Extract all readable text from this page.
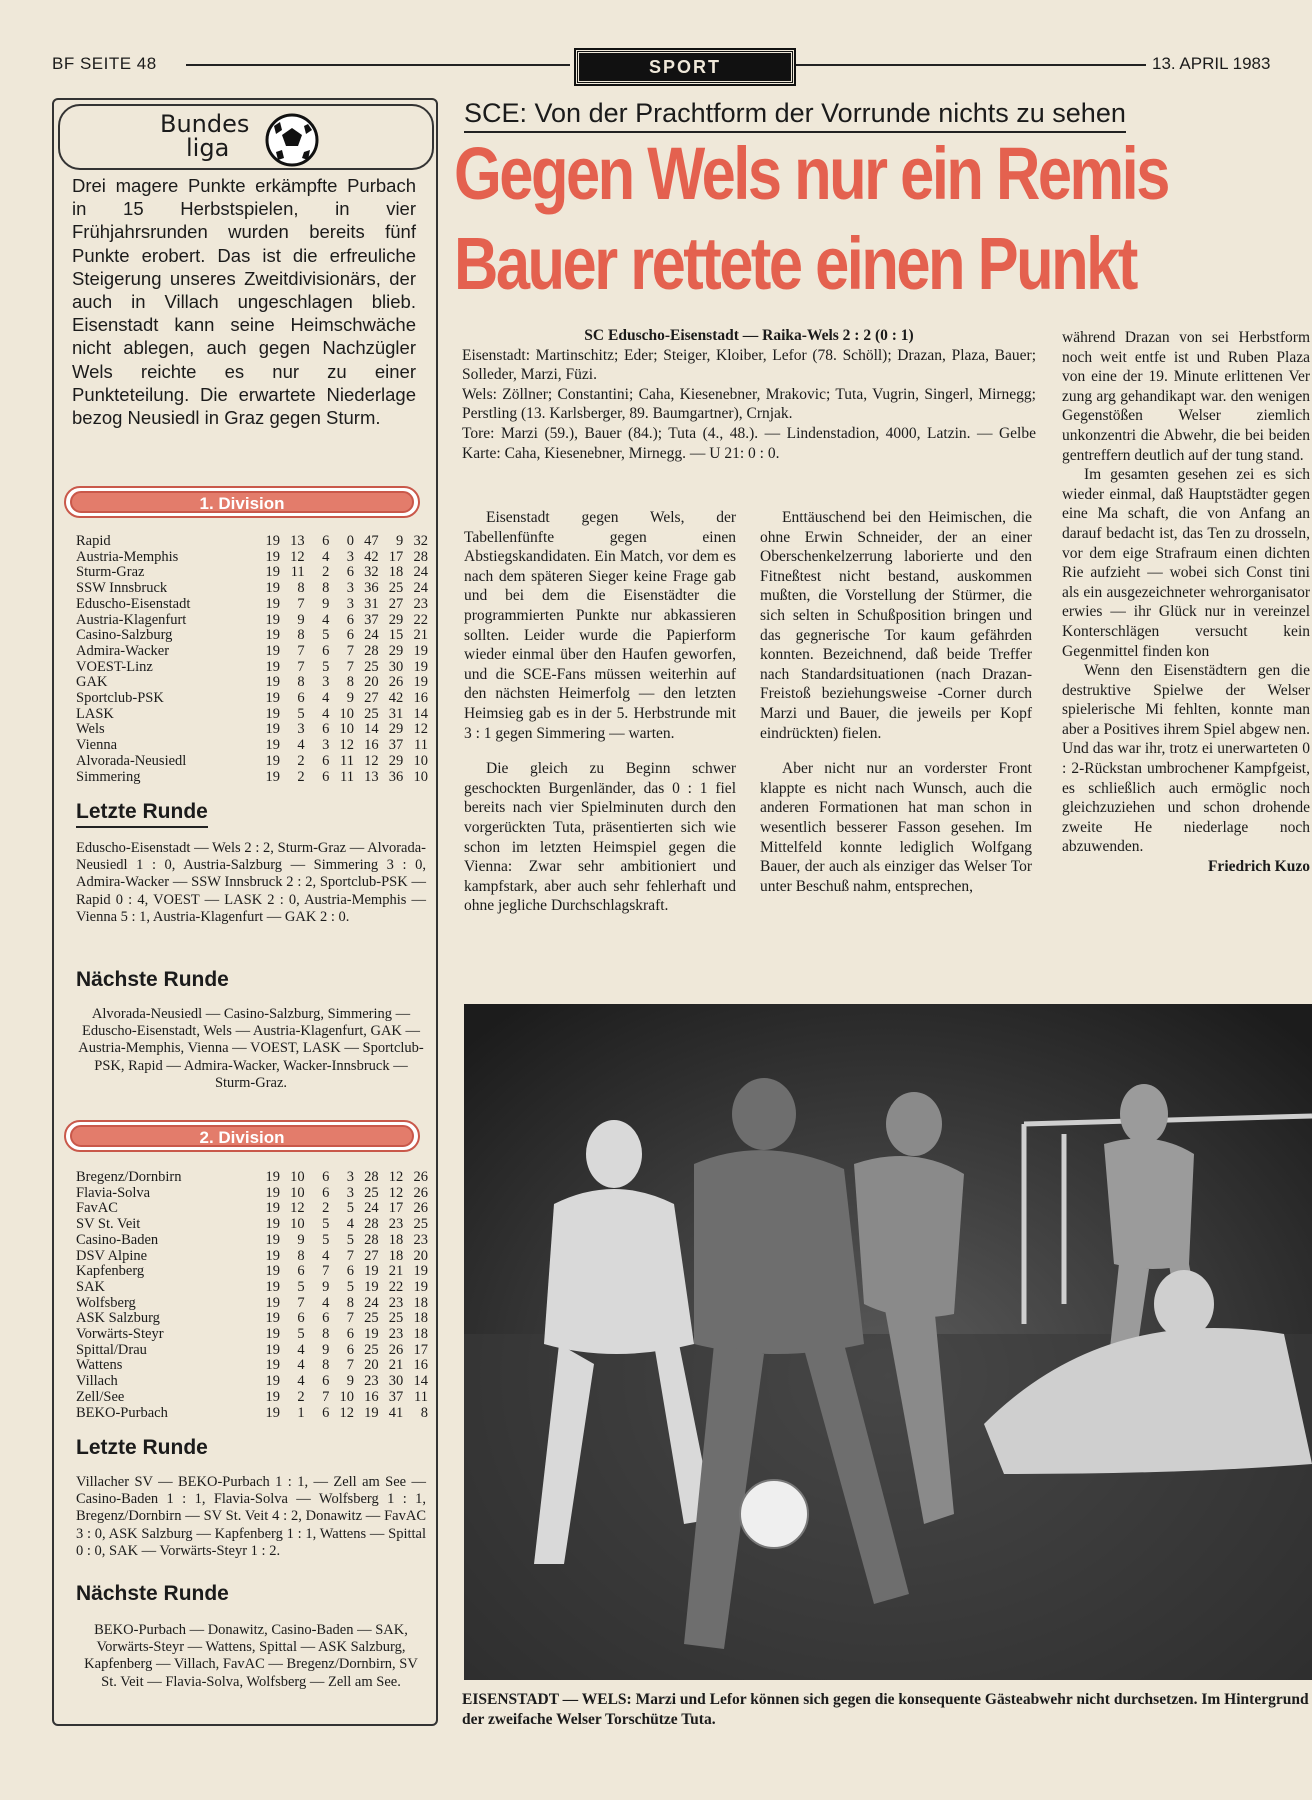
BF SEITE 48	SPORT	13. APRIL 1983
Bundes
liga
Drei magere Punkte erkämpfte Purbach in 15 Herbstspielen, in vier Frühjahrsrunden wurden bereits fünf Punkte erobert. Das ist die erfreuliche Steigerung unseres Zweitdivisionärs, der auch in Villach ungeschlagen blieb. Eisenstadt kann seine Heimschwäche nicht ablegen, auch gegen Nachzügler Wels reichte es nur zu einer Punkteteilung. Die erwartete Niederlage bezog Neusiedl in Graz gegen Sturm.
1. Division
Rapid	19	13	6	0	47	9	32
Austria-Memphis	19	12	4	3	42	17	28
Sturm-Graz	19	11	2	6	32	18	24
SSW Innsbruck	19	8	8	3	36	25	24
Eduscho-Eisenstadt	19	7	9	3	31	27	23
Austria-Klagenfurt	19	9	4	6	37	29	22
Casino-Salzburg	19	8	5	6	24	15	21
Admira-Wacker	19	7	6	7	28	29	19
VOEST-Linz	19	7	5	7	25	30	19
GAK	19	8	3	8	20	26	19
Sportclub-PSK	19	6	4	9	27	42	16
LASK	19	5	4	10	25	31	14
Wels	19	3	6	10	14	29	12
Vienna	19	4	3	12	16	37	11
Alvorada-Neusiedl	19	2	6	11	12	29	10
Simmering	19	2	6	11	13	36	10
Letzte Runde
Eduscho-Eisenstadt — Wels 2 : 2, Sturm-Graz — Alvorada-Neusiedl 1 : 0, Austria-Salzburg — Simmering 3 : 0, Admira-Wacker — SSW Innsbruck 2 : 2, Sportclub-PSK — Rapid 0 : 4, VOEST — LASK 2 : 0, Austria-Memphis — Vienna 5 : 1, Austria-Klagenfurt — GAK 2 : 0.
Nächste Runde
Alvorada-Neusiedl — Casino-Salzburg, Simmering — Eduscho-Eisenstadt, Wels — Austria-Klagenfurt, GAK — Austria-Memphis, Vienna — VOEST, LASK — Sportclub-PSK, Rapid — Admira-Wacker, Wacker-Innsbruck — Sturm-Graz.
2. Division
Bregenz/Dornbirn	19	10	6	3	28	12	26
Flavia-Solva	19	10	6	3	25	12	26
FavAC	19	12	2	5	24	17	26
SV St. Veit	19	10	5	4	28	23	25
Casino-Baden	19	9	5	5	28	18	23
DSV Alpine	19	8	4	7	27	18	20
Kapfenberg	19	6	7	6	19	21	19
SAK	19	5	9	5	19	22	19
Wolfsberg	19	7	4	8	24	23	18
ASK Salzburg	19	6	6	7	25	25	18
Vorwärts-Steyr	19	5	8	6	19	23	18
Spittal/Drau	19	4	9	6	25	26	17
Wattens	19	4	8	7	20	21	16
Villach	19	4	6	9	23	30	14
Zell/See	19	2	7	10	16	37	11
BEKO-Purbach	19	1	6	12	19	41	8
Letzte Runde
Villacher SV — BEKO-Purbach 1 : 1, — Zell am See — Casino-Baden 1 : 1, Flavia-Solva — Wolfsberg 1 : 1, Bregenz/Dornbirn — SV St. Veit 4 : 2, Donawitz — FavAC 3 : 0, ASK Salzburg — Kapfenberg 1 : 1, Wattens — Spittal 0 : 0, SAK — Vorwärts-Steyr 1 : 2.
Nächste Runde
BEKO-Purbach — Donawitz, Casino-Baden — SAK, Vorwärts-Steyr — Wattens, Spittal — ASK Salzburg, Kapfenberg — Villach, FavAC — Bregenz/Dornbirn, SV St. Veit — Flavia-Solva, Wolfsberg — Zell am See.
SCE: Von der Prachtform der Vorrunde nichts zu sehen
Gegen Wels nur ein Remis
Bauer rettete einen Punkt
SC Eduscho-Eisenstadt — Raika-Wels 2 : 2 (0 : 1)
Eisenstadt: Martinschitz; Eder; Steiger, Kloiber, Lefor (78. Schöll); Drazan, Plaza, Bauer; Solleder, Marzi, Füzi.
Wels: Zöllner; Constantini; Caha, Kiesenebner, Mrakovic; Tuta, Vugrin, Singerl, Mirnegg; Perstling (13. Karlsberger, 89. Baumgartner), Crnjak.
Tore: Marzi (59.), Bauer (84.); Tuta (4., 48.). — Lindenstadion, 4000, Latzin. — Gelbe Karte: Caha, Kiesenebner, Mirnegg. — U 21: 0 : 0.

Eisenstadt gegen Wels, der Tabellenfünfte gegen einen Abstiegskandidaten. Ein Match, vor dem es nach dem späteren Sieger keine Frage gab und bei dem die Eisenstädter die programmierten Punkte nur abkassieren sollten. Leider wurde die Papierform wieder einmal über den Haufen geworfen, und die SCE-Fans müssen weiterhin auf den nächsten Heimerfolg — den letzten Heimsieg gab es in der 5. Herbstrunde mit 3 : 1 gegen Simmering — warten.

Die gleich zu Beginn schwer geschockten Burgenländer, das 0 : 1 fiel bereits nach vier Spielminuten durch den vorgerückten Tuta, präsentierten sich wie schon im letzten Heimspiel gegen die Vienna: Zwar sehr ambitioniert und kampfstark, aber auch sehr fehlerhaft und ohne jegliche Durchschlagskraft.

Enttäuschend bei den Heimischen, die ohne Erwin Schneider, der an einer Oberschenkelzerrung laborierte und den Fitneßtest nicht bestand, auskommen mußten, die Vorstellung der Stürmer, die sich selten in Schußposition bringen und das gegnerische Tor kaum gefährden konnten. Bezeichnend, daß beide Treffer nach Standardsituationen (nach Drazan-Freistoß beziehungsweise -Corner durch Marzi und Bauer, die jeweils per Kopf eindrückten) fielen.

Aber nicht nur an vorderster Front klappte es nicht nach Wunsch, auch die anderen Formationen hat man schon in wesentlich besserer Fasson gesehen. Im Mittelfeld konnte lediglich Wolfgang Bauer, der auch als einziger das Welser Tor unter Beschuß nahm, entsprechen,

während Drazan von sei Herbstform noch weit entfe ist und Ruben Plaza von eine der 19. Minute erlittenen Ver zung arg gehandikapt war. den wenigen Gegenstößen Welser ziemlich unkonzentri die Abwehr, die bei beiden gentreffern deutlich auf der tung stand.

Im gesamten gesehen zei es sich wieder einmal, daß Hauptstädter gegen eine Ma schaft, die von Anfang an darauf bedacht ist, das Ten zu drosseln, vor dem eige Strafraum einen dichten Rie aufzieht — wobei sich Const tini als ein ausgezeichneter wehrorganisator erwies — ihr Glück nur in vereinzel Konterschlägen versucht kein Gegenmittel finden kon

Wenn den Eisenstädtern gen die destruktive Spielwe der Welser spielerische Mi fehlten, konnte man aber a Positives ihrem Spiel abgew nen. Und das war ihr, trotz ei unerwarteten 0 : 2-Rückstan umbrochener Kampfgeist, es schließlich auch ermöglic noch gleichzuziehen und schon drohende zweite He niederlage noch abzuwenden.

Friedrich Kuzo
EISENSTADT — WELS: Marzi und Lefor können sich gegen die konsequente Gästeabwehr nicht durchsetzen. Im Hintergrund der zweifache Welser Torschütze Tuta.
